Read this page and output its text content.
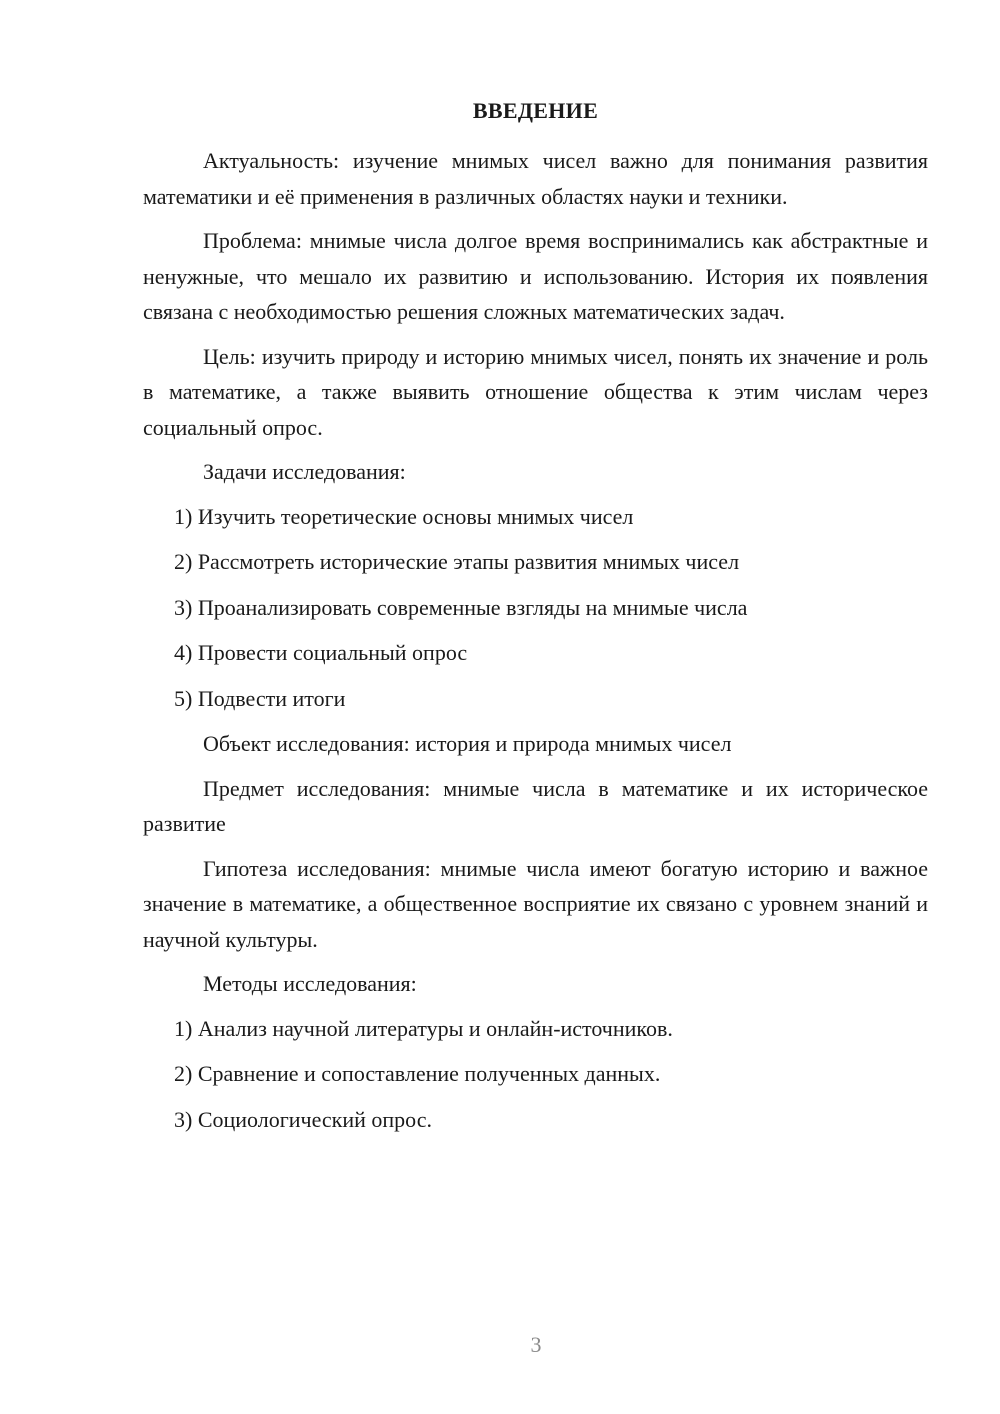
ВВЕДЕНИЕ

Актуальность: изучение мнимых чисел важно для понимания развития математики и её применения в различных областях науки и техники.

Проблема: мнимые числа долгое время воспринимались как абстрактные и ненужные, что мешало их развитию и использованию. История их появления связана с необходимостью решения сложных математических задач.

Цель: изучить природу и историю мнимых чисел, понять их значение и роль в математике, а также выявить отношение общества к этим числам через социальный опрос.

Задачи исследования:

1) Изучить теоретические основы мнимых чисел
2) Рассмотреть исторические этапы развития мнимых чисел
3) Проанализировать современные взгляды на мнимые числа
4) Провести социальный опрос
5) Подвести итоги

Объект исследования: история и природа мнимых чисел

Предмет исследования: мнимые числа в математике и их историческое развитие

Гипотеза исследования: мнимые числа имеют богатую историю и важное значение в математике, а общественное восприятие их связано с уровнем знаний и научной культуры.

Методы исследования:

1) Анализ научной литературы и онлайн-источников.
2) Сравнение и сопоставление полученных данных.
3) Социологический опрос.
3
